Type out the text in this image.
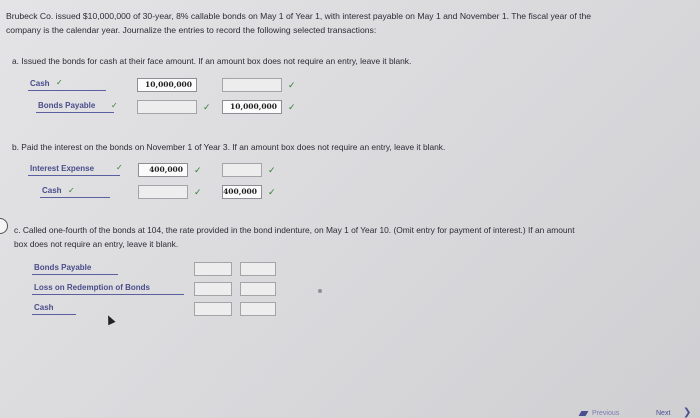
Brubeck Co. issued $10,000,000 of 30-year, 8% callable bonds on May 1 of Year 1, with interest payable on May 1 and November 1. The fiscal year of the
company is the calendar year. Journalize the entries to record the following selected transactions:
a. Issued the bonds for cash at their face amount. If an amount box does not require an entry, leave it blank.
Cash ✓	10,000,000	✓
Bonds Payable ✓	✓	10,000,000	✓
b. Paid the interest on the bonds on November 1 of Year 3. If an amount box does not require an entry, leave it blank.
Interest Expense	✓	400,000	✓	✓
Cash ✓	✓	400,000	✓
c. Called one-fourth of the bonds at 104, the rate provided in the bond indenture, on May 1 of Year 10. (Omit entry for payment of interest.) If an amount
box does not require an entry, leave it blank.
Bonds Payable
Loss on Redemption of Bonds
Cash
Previous	Next ❯
